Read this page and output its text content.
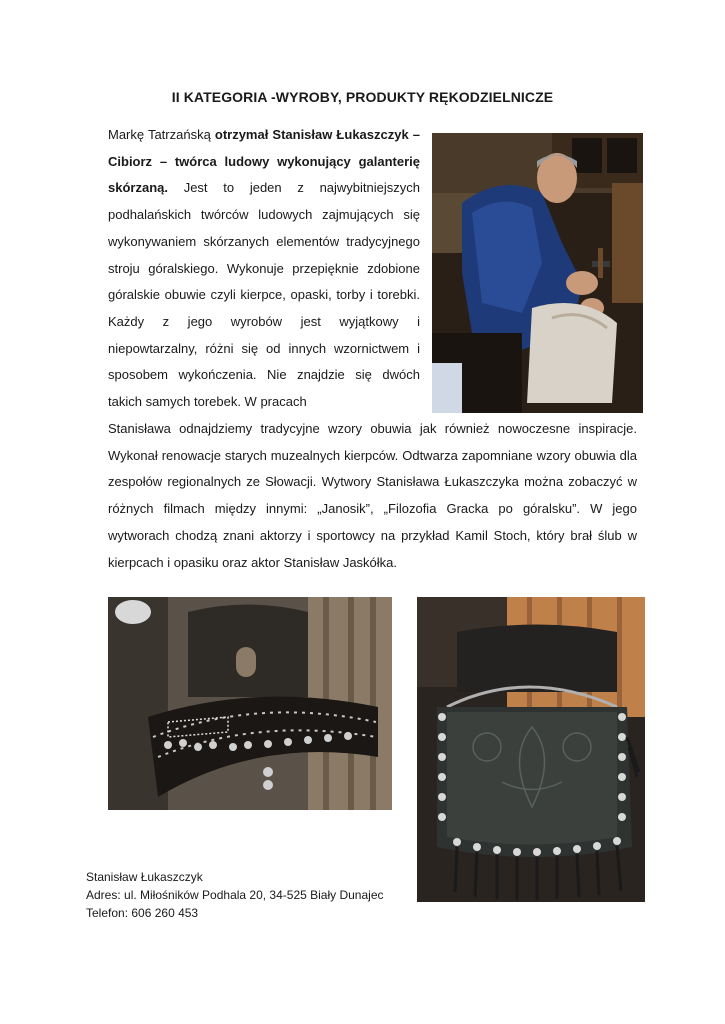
II KATEGORIA -WYROBY, PRODUKTY RĘKODZIELNICZE
Markę Tatrzańską otrzymał Stanisław Łukaszczyk – Cibiorz – twórca ludowy wykonujący galanterię skórzaną. Jest to jeden z najwybitniejszych podhalańskich twórców ludowych zajmujących się wykonywaniem skórzanych elementów tradycyjnego stroju góralskiego. Wykonuje przepięknie zdobione góralskie obuwie czyli kierpce, opaski, torby i torebki. Każdy z jego wyrobów jest wyjątkowy i niepowtarzalny, różni się od innych wzornictwem i sposobem wykończenia. Nie znajdzie się dwóch takich samych torebek. W pracach
Stanisława odnajdziemy tradycyjne wzory obuwia jak również nowoczesne inspiracje. Wykonał renowacje starych muzealnych kierpców. Odtwarza zapomniane wzory obuwia dla zespołów regionalnych ze Słowacji. Wytwory Stanisława Łukaszczyka można zobaczyć w różnych filmach między innymi: „Janosik”, „Filozofia Gracka po góralsku”. W jego wytworach chodzą znani aktorzy i sportowcy na przykład Kamil Stoch, który brał ślub w kierpcach i opasiku oraz aktor Stanisław Jaskółka.
Stanisław Łukaszczyk
Adres: ul. Miłośników Podhala 20, 34-525 Biały Dunajec
Telefon: 606 260 453
